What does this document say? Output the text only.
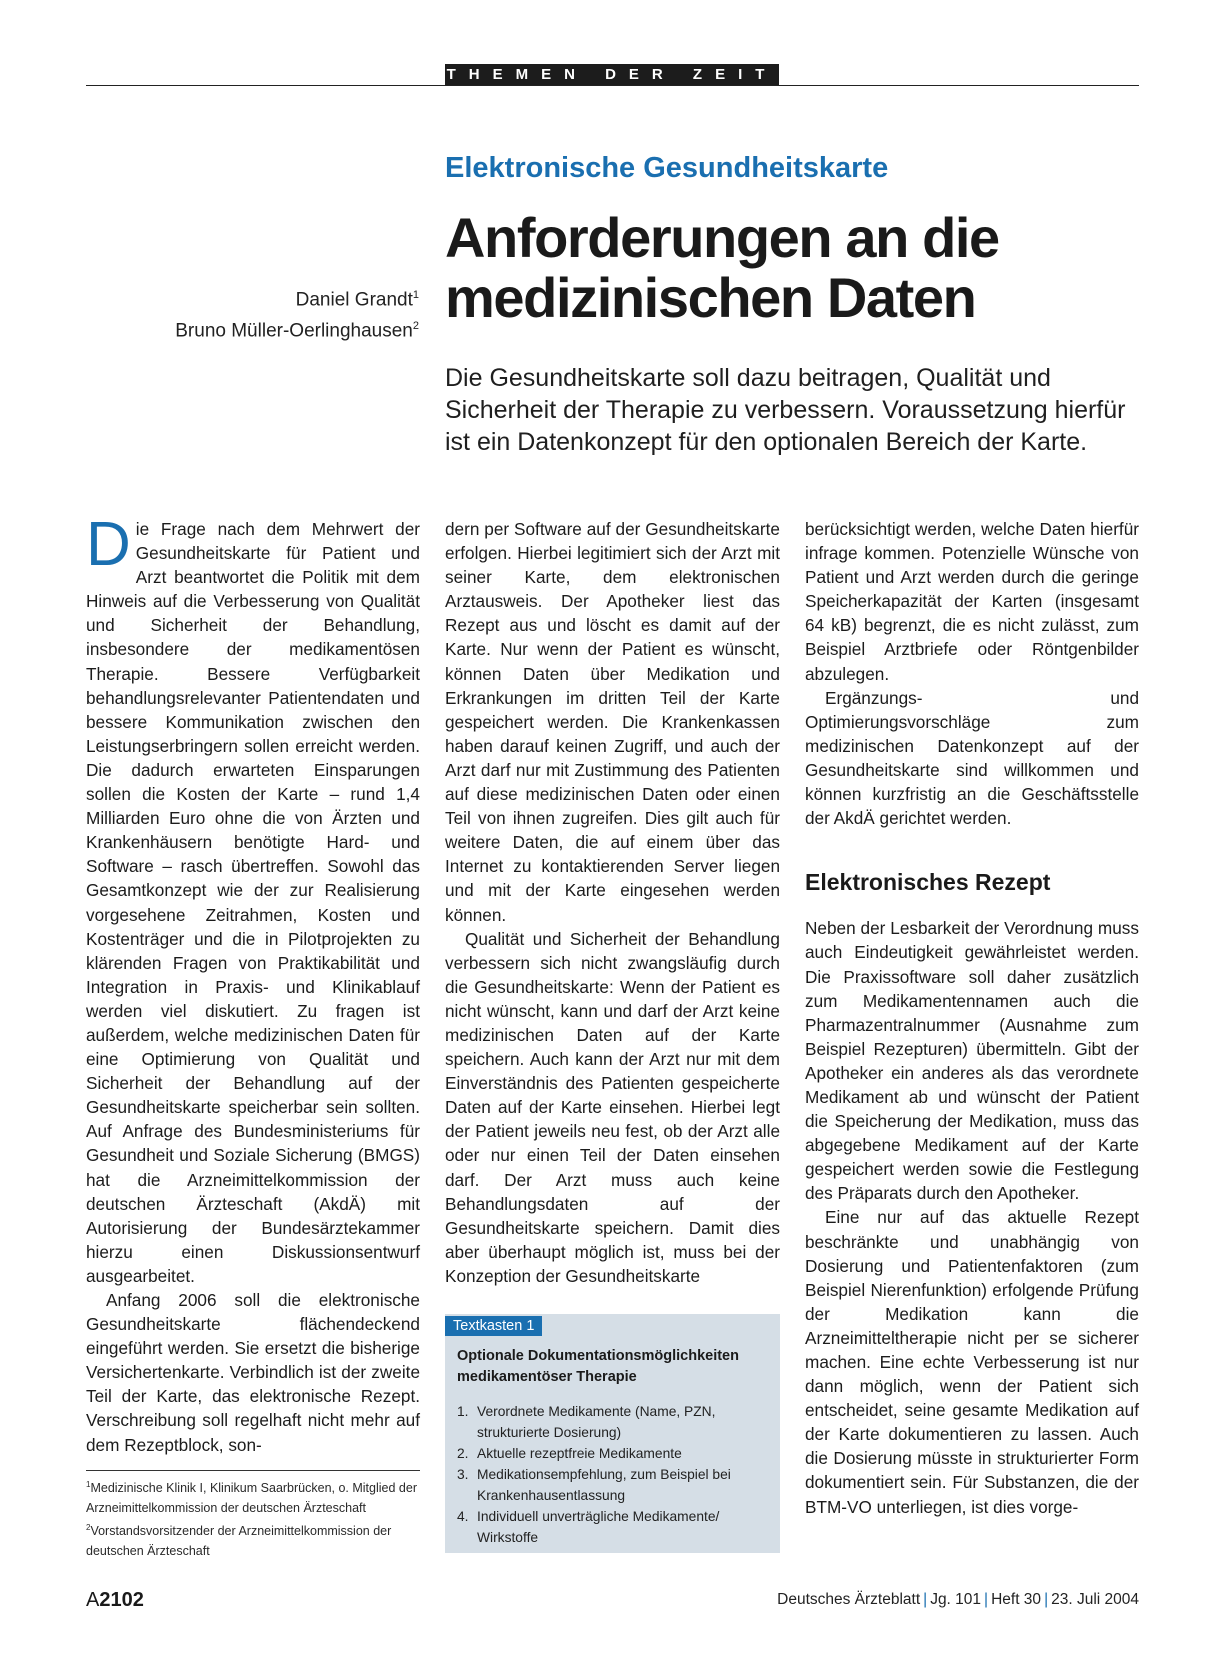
THEMEN DER ZEIT
Elektronische Gesundheitskarte
Anforderungen an die
medizinischen Daten
Daniel Grandt$^1$
Bruno Müller-Oerlinghausen$^2$
Die Gesundheitskarte soll dazu beitragen, Qualität und Sicherheit der Therapie zu verbessern. Voraussetzung hierfür ist ein Datenkonzept für den optionalen Bereich der Karte.

Die Frage nach dem Mehrwert der Gesundheitskarte für Patient und Arzt beantwortet die Politik mit dem Hinweis auf die Verbesserung von Qualität und Sicherheit der Behandlung, insbesondere der medikamentösen Therapie. Bessere Verfügbarkeit behandlungsrelevanter Patientendaten und bessere Kommunikation zwischen den Leistungserbringern sollen erreicht werden. Die dadurch erwarteten Einsparungen sollen die Kosten der Karte – rund 1,4 Milliarden Euro ohne die von Ärzten und Krankenhäusern benötigte Hard- und Software – rasch übertreffen. Sowohl das Gesamtkonzept wie der zur Realisierung vorgesehene Zeitrahmen, Kosten und Kostenträger und die in Pilotprojekten zu klärenden Fragen von Praktikabilität und Integration in Praxis- und Klinikablauf werden viel diskutiert. Zu fragen ist außerdem, welche medizinischen Daten für eine Optimierung von Qualität und Sicherheit der Behandlung auf der Gesundheitskarte speicherbar sein sollten. Auf Anfrage des Bundesministeriums für Gesundheit und Soziale Sicherung (BMGS) hat die Arzneimittelkommission der deutschen Ärzteschaft (AkdÄ) mit Autorisierung der Bundesärztekammer hierzu einen Diskussionsentwurf ausgearbeitet.

Anfang 2006 soll die elektronische Gesundheitskarte flächendeckend eingeführt werden. Sie ersetzt die bisherige Versichertenkarte. Verbindlich ist der zweite Teil der Karte, das elektronische Rezept. Verschreibung soll regelhaft nicht mehr auf dem Rezeptblock, son-

dern per Software auf der Gesundheitskarte erfolgen. Hierbei legitimiert sich der Arzt mit seiner Karte, dem elektronischen Arztausweis. Der Apotheker liest das Rezept aus und löscht es damit auf der Karte. Nur wenn der Patient es wünscht, können Daten über Medikation und Erkrankungen im dritten Teil der Karte gespeichert werden. Die Krankenkassen haben darauf keinen Zugriff, und auch der Arzt darf nur mit Zustimmung des Patienten auf diese medizinischen Daten oder einen Teil von ihnen zugreifen. Dies gilt auch für weitere Daten, die auf einem über das Internet zu kontaktierenden Server liegen und mit der Karte eingesehen werden können.

Qualität und Sicherheit der Behandlung verbessern sich nicht zwangsläufig durch die Gesundheitskarte: Wenn der Patient es nicht wünscht, kann und darf der Arzt keine medizinischen Daten auf der Karte speichern. Auch kann der Arzt nur mit dem Einverständnis des Patienten gespeicherte Daten auf der Karte einsehen. Hierbei legt der Patient jeweils neu fest, ob der Arzt alle oder nur einen Teil der Daten einsehen darf. Der Arzt muss auch keine Behandlungsdaten auf der Gesundheitskarte speichern. Damit dies aber überhaupt möglich ist, muss bei der Konzeption der Gesundheitskarte

Textkasten 1
Optionale Dokumentationsmöglichkeiten medikamentöser Therapie
1. Verordnete Medikamente (Name, PZN, strukturierte Dosierung)
2. Aktuelle rezeptfreie Medikamente
3. Medikationsempfehlung, zum Beispiel bei Krankenhausentlassung
4. Individuell unverträgliche Medikamente/ Wirkstoffe

berücksichtigt werden, welche Daten hierfür infrage kommen. Potenzielle Wünsche von Patient und Arzt werden durch die geringe Speicherkapazität der Karten (insgesamt 64 kB) begrenzt, die es nicht zulässt, zum Beispiel Arztbriefe oder Röntgenbilder abzulegen.

Ergänzungs- und Optimierungsvorschläge zum medizinischen Datenkonzept auf der Gesundheitskarte sind willkommen und können kurzfristig an die Geschäftsstelle der AkdÄ gerichtet werden.

Elektronisches Rezept

Neben der Lesbarkeit der Verordnung muss auch Eindeutigkeit gewährleistet werden. Die Praxissoftware soll daher zusätzlich zum Medikamentennamen auch die Pharmazentralnummer (Ausnahme zum Beispiel Rezepturen) übermitteln. Gibt der Apotheker ein anderes als das verordnete Medikament ab und wünscht der Patient die Speicherung der Medikation, muss das abgegebene Medikament auf der Karte gespeichert werden sowie die Festlegung des Präparats durch den Apotheker.

Eine nur auf das aktuelle Rezept beschränkte und unabhängig von Dosierung und Patientenfaktoren (zum Beispiel Nierenfunktion) erfolgende Prüfung der Medikation kann die Arzneimitteltherapie nicht per se sicherer machen. Eine echte Verbesserung ist nur dann möglich, wenn der Patient sich entscheidet, seine gesamte Medikation auf der Karte dokumentieren zu lassen. Auch die Dosierung müsste in strukturierter Form dokumentiert sein. Für Substanzen, die der BTM-VO unterliegen, ist dies vorge-

$^1$Medizinische Klinik I, Klinikum Saarbrücken, o. Mitglied der Arzneimittelkommission der deutschen Ärzteschaft
$^2$Vorstandsvorsitzender der Arzneimittelkommission der deutschen Ärzteschaft
A2102	Deutsches Ärzteblatt | Jg. 101 | Heft 30 | 23. Juli 2004
